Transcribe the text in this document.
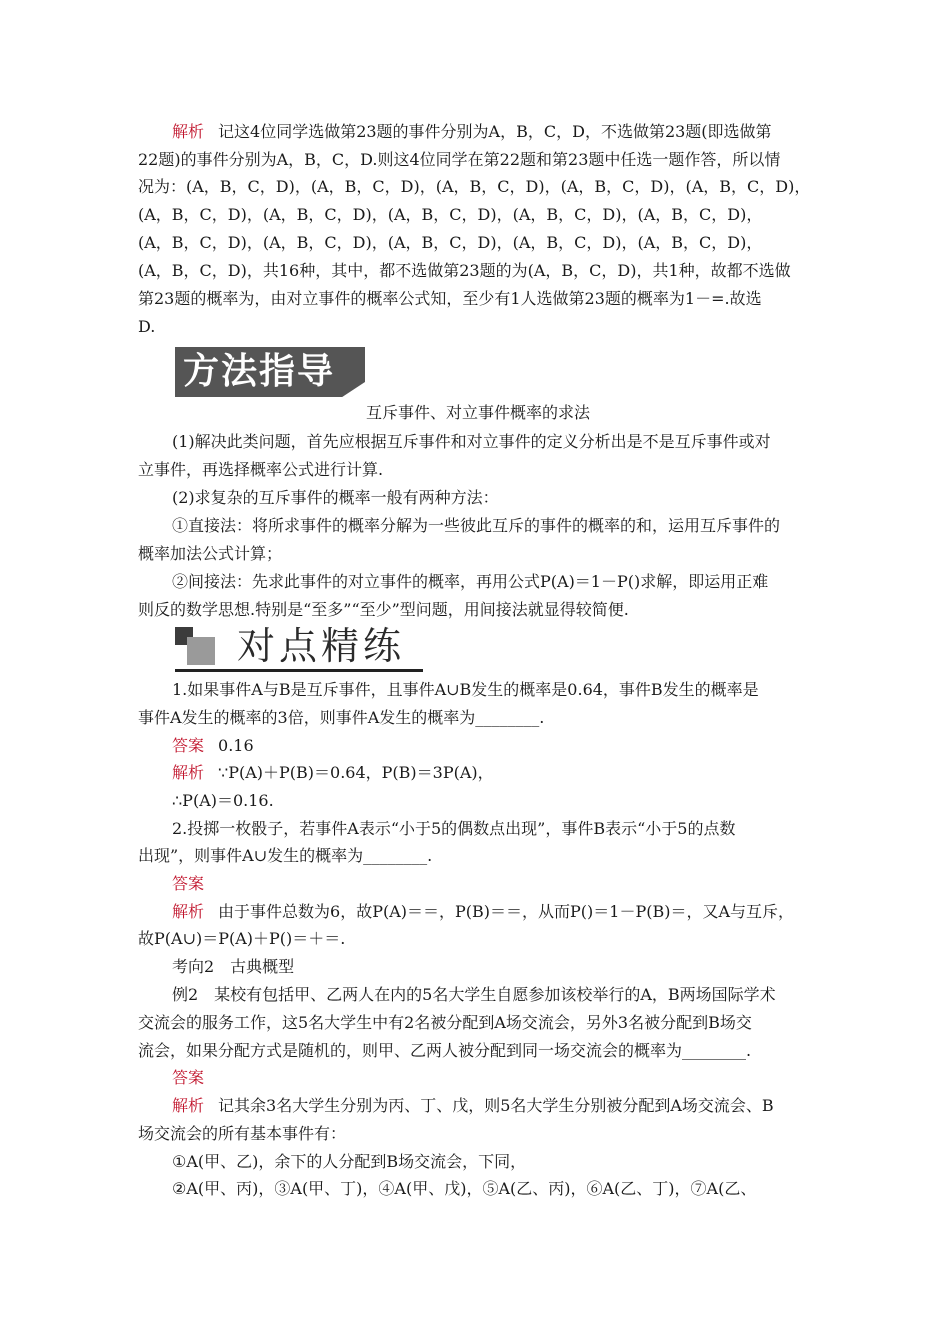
解析 记这4位同学选做第23题的事件分别为A，B，C，D，不选做第23题(即选做第
22题)的事件分别为A，B，C，D.则这4位同学在第22题和第23题中任选一题作答，所以情
况为：(A，B，C，D)，(A，B，C，D)，(A，B，C，D)，(A，B，C，D)，(A，B，C，D)，
(A，B，C，D)，(A，B，C，D)，(A，B，C，D)，(A，B，C，D)，(A，B，C，D)，
(A，B，C，D)，(A，B，C，D)，(A，B，C，D)，(A，B，C，D)，(A，B，C，D)，
(A，B，C，D)，共16种，其中，都不选做第23题的为(A，B，C，D)，共1种，故都不选做
第23题的概率为，由对立事件的概率公式知，至少有1人选做第23题的概率为1－=.故选
D.
方法指导
互斥事件、对立事件概率的求法
(1)解决此类问题，首先应根据互斥事件和对立事件的定义分析出是不是互斥事件或对
立事件，再选择概率公式进行计算.
(2)求复杂的互斥事件的概率一般有两种方法：
①直接法：将所求事件的概率分解为一些彼此互斥的事件的概率的和，运用互斥事件的
概率加法公式计算；
②间接法：先求此事件的对立事件的概率，再用公式P(A)＝1－P()求解，即运用正难
则反的数学思想.特别是“至多”“至少”型问题，用间接法就显得较简便.
对点精练
1.如果事件A与B是互斥事件，且事件A∪B发生的概率是0.64，事件B发生的概率是
事件A发生的概率的3倍，则事件A发生的概率为________.
答案 0.16
解析 ∵P(A)＋P(B)＝0.64，P(B)＝3P(A)，
∴P(A)＝0.16.
2.投掷一枚骰子，若事件A表示“小于5的偶数点出现”，事件B表示“小于5的点数
出现”，则事件A∪发生的概率为________.
答案
解析 由于事件总数为6，故P(A)＝＝，P(B)＝＝，从而P()＝1－P(B)＝，又A与互斥，
故P(A∪)＝P(A)＋P()＝＋＝.
考向2　古典概型
例2　某校有包括甲、乙两人在内的5名大学生自愿参加该校举行的A，B两场国际学术
交流会的服务工作，这5名大学生中有2名被分配到A场交流会，另外3名被分配到B场交
流会，如果分配方式是随机的，则甲、乙两人被分配到同一场交流会的概率为________.
答案
解析 记其余3名大学生分别为丙、丁、戊，则5名大学生分别被分配到A场交流会、B
场交流会的所有基本事件有：
①A(甲、乙)，余下的人分配到B场交流会，下同，
②A(甲、丙)，③A(甲、丁)，④A(甲、戊)，⑤A(乙、丙)，⑥A(乙、丁)，⑦A(乙、
